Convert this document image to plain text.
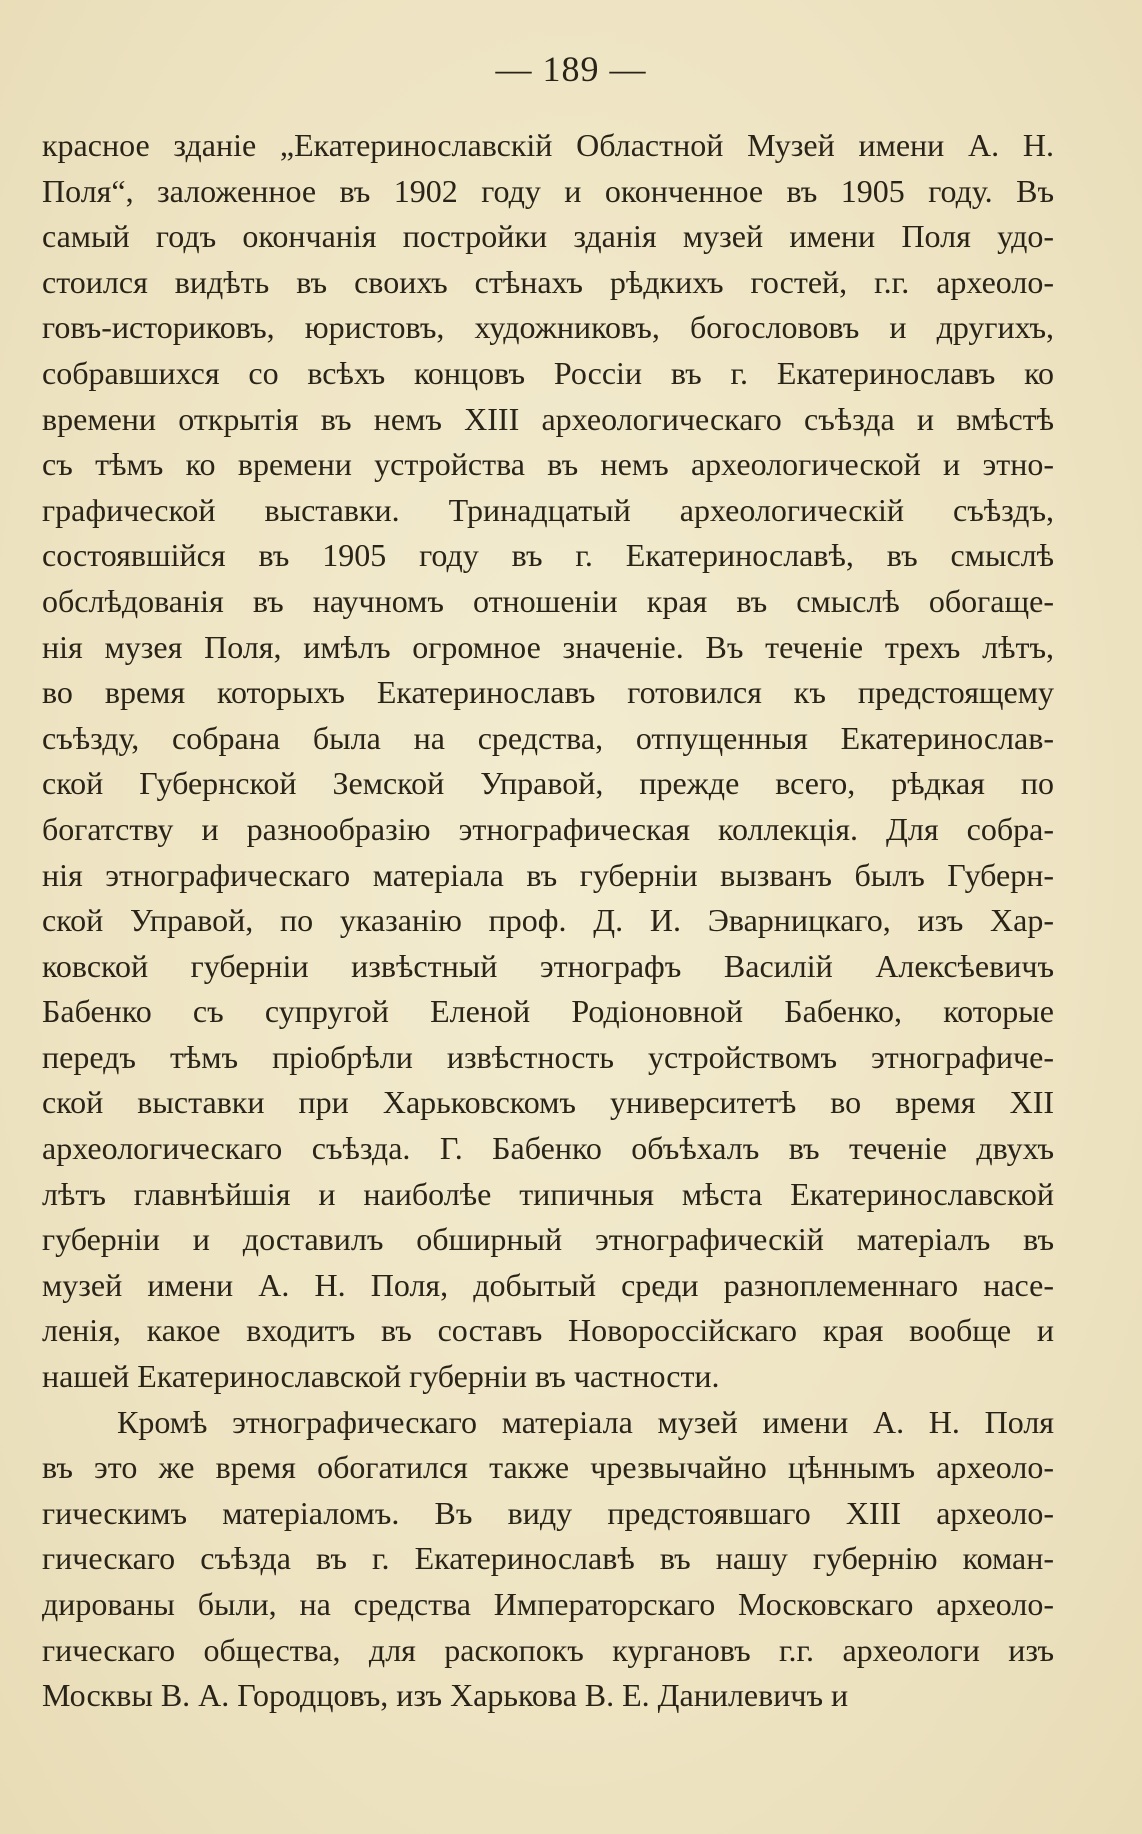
— 189 —
красное зданіе „Екатеринославскій Областной Музей имени А. Н.
Поля“, заложенное въ 1902 году и оконченное въ 1905 году. Въ
самый годъ окончанія постройки зданія музей имени Поля удо-
стоился видѣть въ своихъ стѣнахъ рѣдкихъ гостей, г.г. археоло-
говъ-историковъ, юристовъ, художниковъ, богослововъ и другихъ,
собравшихся со всѣхъ концовъ Россіи въ г. Екатеринославъ ко
времени открытія въ немъ XIII археологическаго съѣзда и вмѣстѣ
съ тѣмъ ко времени устройства въ немъ археологической и этно-
графической выставки. Тринадцатый археологическій съѣздъ,
состоявшійся въ 1905 году въ г. Екатеринославѣ, въ смыслѣ
обслѣдованія въ научномъ отношеніи края въ смыслѣ обогаще-
нія музея Поля, имѣлъ огромное значеніе. Въ теченіе трехъ лѣтъ,
во время которыхъ Екатеринославъ готовился къ предстоящему
съѣзду, собрана была на средства, отпущенныя Екатеринослав-
ской Губернской Земской Управой, прежде всего, рѣдкая по
богатству и разнообразію этнографическая коллекція. Для собра-
нія этнографическаго матеріала въ губерніи вызванъ былъ Губерн-
ской Управой, по указанію проф. Д. И. Эварницкаго, изъ Хар-
ковской губерніи извѣстный этнографъ Василій Алексѣевичъ
Бабенко съ супругой Еленой Родіоновной Бабенко, которые
передъ тѣмъ пріобрѣли извѣстность устройствомъ этнографиче-
ской выставки при Харьковскомъ университетѣ во время XII
археологическаго съѣзда. Г. Бабенко объѣхалъ въ теченіе двухъ
лѣтъ главнѣйшія и наиболѣе типичныя мѣста Екатеринославской
губерніи и доставилъ обширный этнографическій матеріалъ въ
музей имени А. Н. Поля, добытый среди разноплеменнаго насе-
ленія, какое входитъ въ составъ Новороссійскаго края вообще и
нашей Екатеринославской губерніи въ частности.
Кромѣ этнографическаго матеріала музей имени А. Н. Поля
въ это же время обогатился также чрезвычайно цѣннымъ археоло-
гическимъ матеріаломъ. Въ виду предстоявшаго XIII археоло-
гическаго съѣзда въ г. Екатеринославѣ въ нашу губернію коман-
дированы были, на средства Императорскаго Московскаго археоло-
гическаго общества, для раскопокъ кургановъ г.г. археологи изъ
Москвы В. А. Городцовъ, изъ Харькова В. Е. Данилевичъ и
